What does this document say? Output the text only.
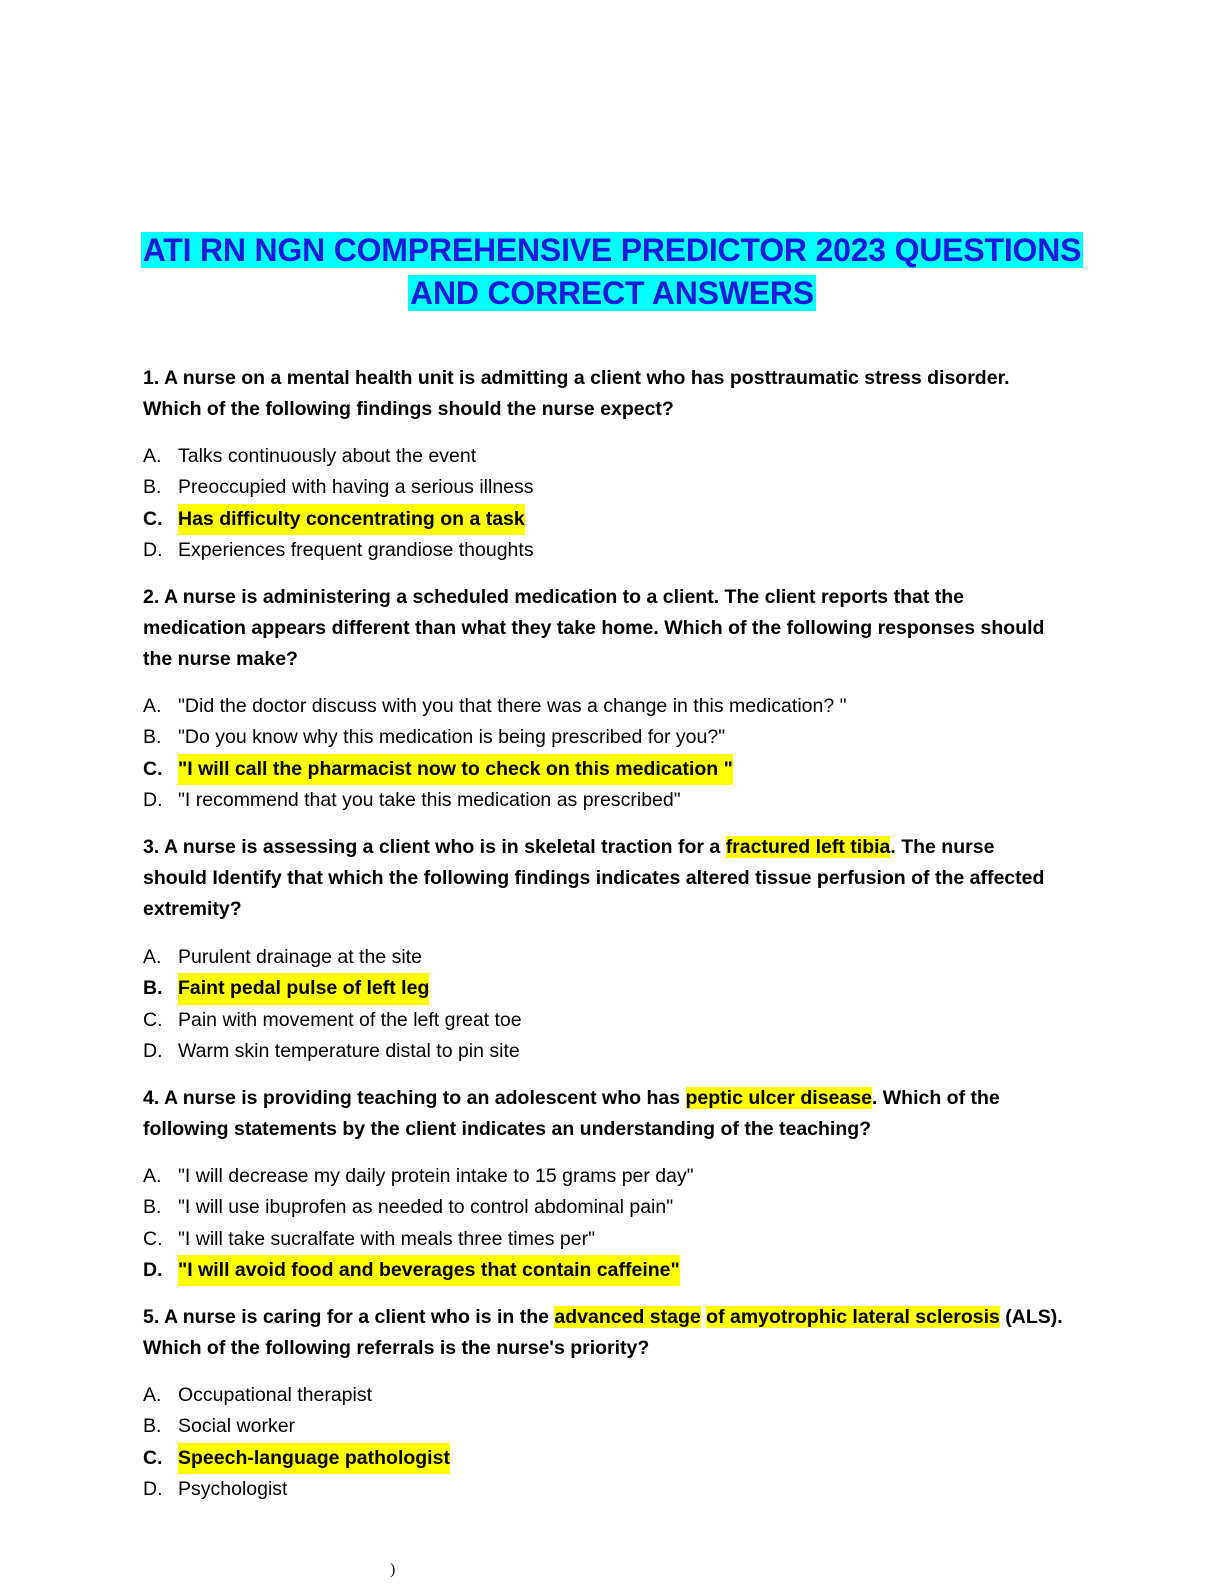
ATI RN NGN COMPREHENSIVE PREDICTOR 2023 QUESTIONS
AND CORRECT ANSWERS
1. A nurse on a mental health unit is admitting a client who has posttraumatic stress disorder. Which of the following findings should the nurse expect?
A. Talks continuously about the event
B. Preoccupied with having a serious illness
C. Has difficulty concentrating on a task
D. Experiences frequent grandiose thoughts
2. A nurse is administering a scheduled medication to a client. The client reports that the medication appears different than what they take home. Which of the following responses should the nurse make?
A. "Did the doctor discuss with you that there was a change in this medication? "
B. "Do you know why this medication is being prescribed for you?"
C. "I will call the pharmacist now to check on this medication "
D. "I recommend that you take this medication as prescribed"
3. A nurse is assessing a client who is in skeletal traction for a fractured left tibia. The nurse should Identify that which the following findings indicates altered tissue perfusion of the affected extremity?
A. Purulent drainage at the site
B. Faint pedal pulse of left leg
C. Pain with movement of the left great toe
D. Warm skin temperature distal to pin site
4. A nurse is providing teaching to an adolescent who has peptic ulcer disease. Which of the following statements by the client indicates an understanding of the teaching?
A. "I will decrease my daily protein intake to 15 grams per day"
B. "I will use ibuprofen as needed to control abdominal pain"
C. "I will take sucralfate with meals three times per"
D. "I will avoid food and beverages that contain caffeine"
5. A nurse is caring for a client who is in the advanced stage of amyotrophic lateral sclerosis (ALS). Which of the following referrals is the nurse's priority?
A. Occupational therapist
B. Social worker
C. Speech-language pathologist
D. Psychologist
)
